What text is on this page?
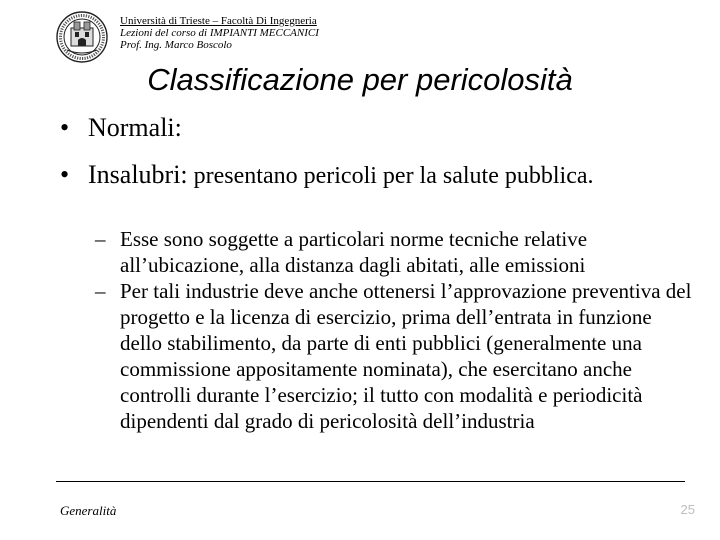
Università di Trieste – Facoltà Di Ingegneria
Lezioni del corso di IMPIANTI MECCANICI
Prof. Ing. Marco Boscolo
Classificazione per pericolosità
• Normali:
• Insalubri: presentano pericoli per la salute pubblica.
– Esse sono soggette a particolari norme tecniche relative all’ubicazione, alla distanza dagli abitati, alle emissioni
– Per tali industrie deve anche ottenersi l’approvazione preventiva del progetto e la licenza di esercizio, prima dell’entrata in funzione dello stabilimento, da parte di enti pubblici (generalmente una commissione appositamente nominata), che esercitano anche controlli durante l’esercizio; il tutto con modalità e periodicità dipendenti dal grado di pericolosità dell’industria
Generalità	25
